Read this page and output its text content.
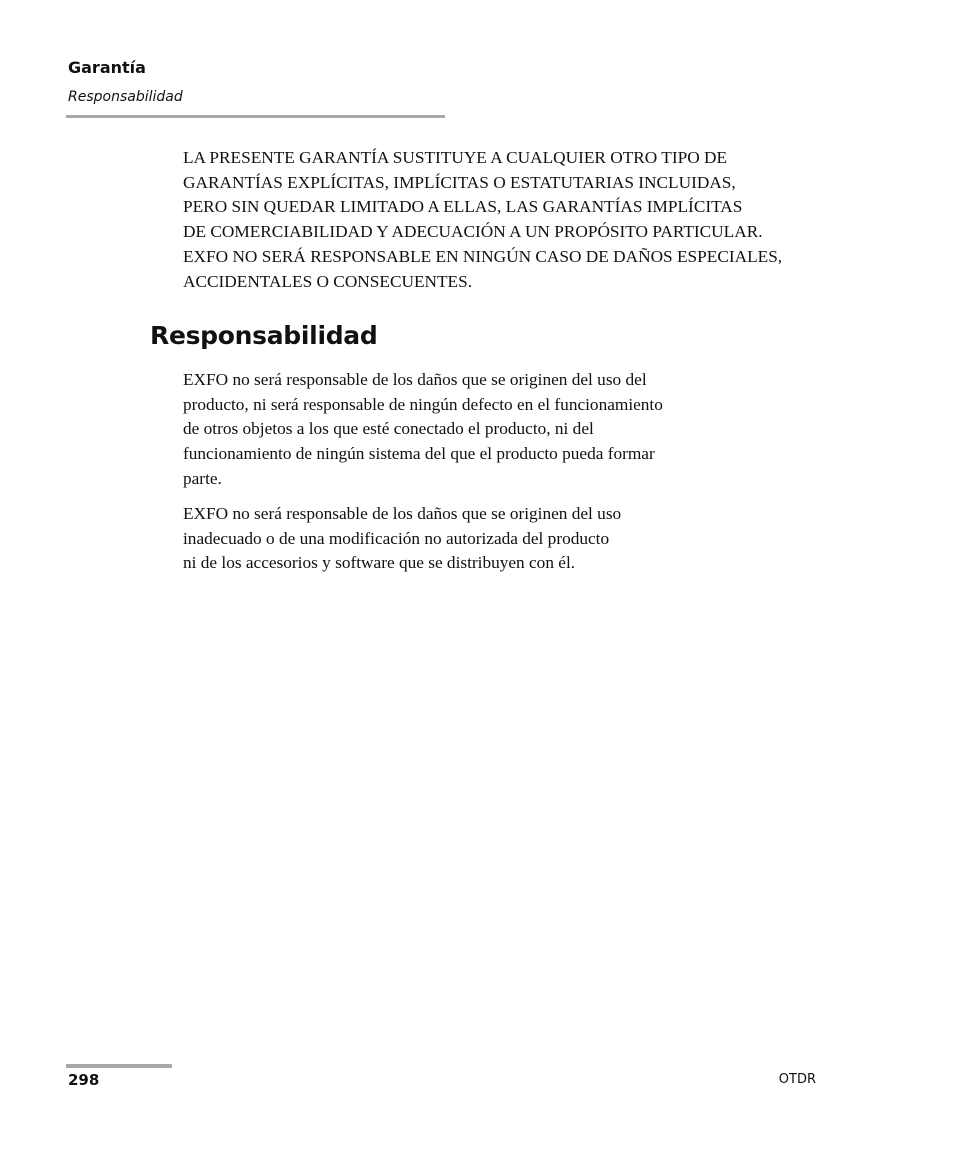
Garantía
Responsabilidad
LA PRESENTE GARANTÍA SUSTITUYE A CUALQUIER OTRO TIPO DE
GARANTÍAS EXPLÍCITAS, IMPLÍCITAS O ESTATUTARIAS INCLUIDAS,
PERO SIN QUEDAR LIMITADO A ELLAS, LAS GARANTÍAS IMPLÍCITAS
DE COMERCIABILIDAD Y ADECUACIÓN A UN PROPÓSITO PARTICULAR.
EXFO NO SERÁ RESPONSABLE EN NINGÚN CASO DE DAÑOS ESPECIALES,
ACCIDENTALES O CONSECUENTES.
Responsabilidad
EXFO no será responsable de los daños que se originen del uso del
producto, ni será responsable de ningún defecto en el funcionamiento
de otros objetos a los que esté conectado el producto, ni del
funcionamiento de ningún sistema del que el producto pueda formar
parte.
EXFO no será responsable de los daños que se originen del uso
inadecuado o de una modificación no autorizada del producto
ni de los accesorios y software que se distribuyen con él.
298	OTDR
